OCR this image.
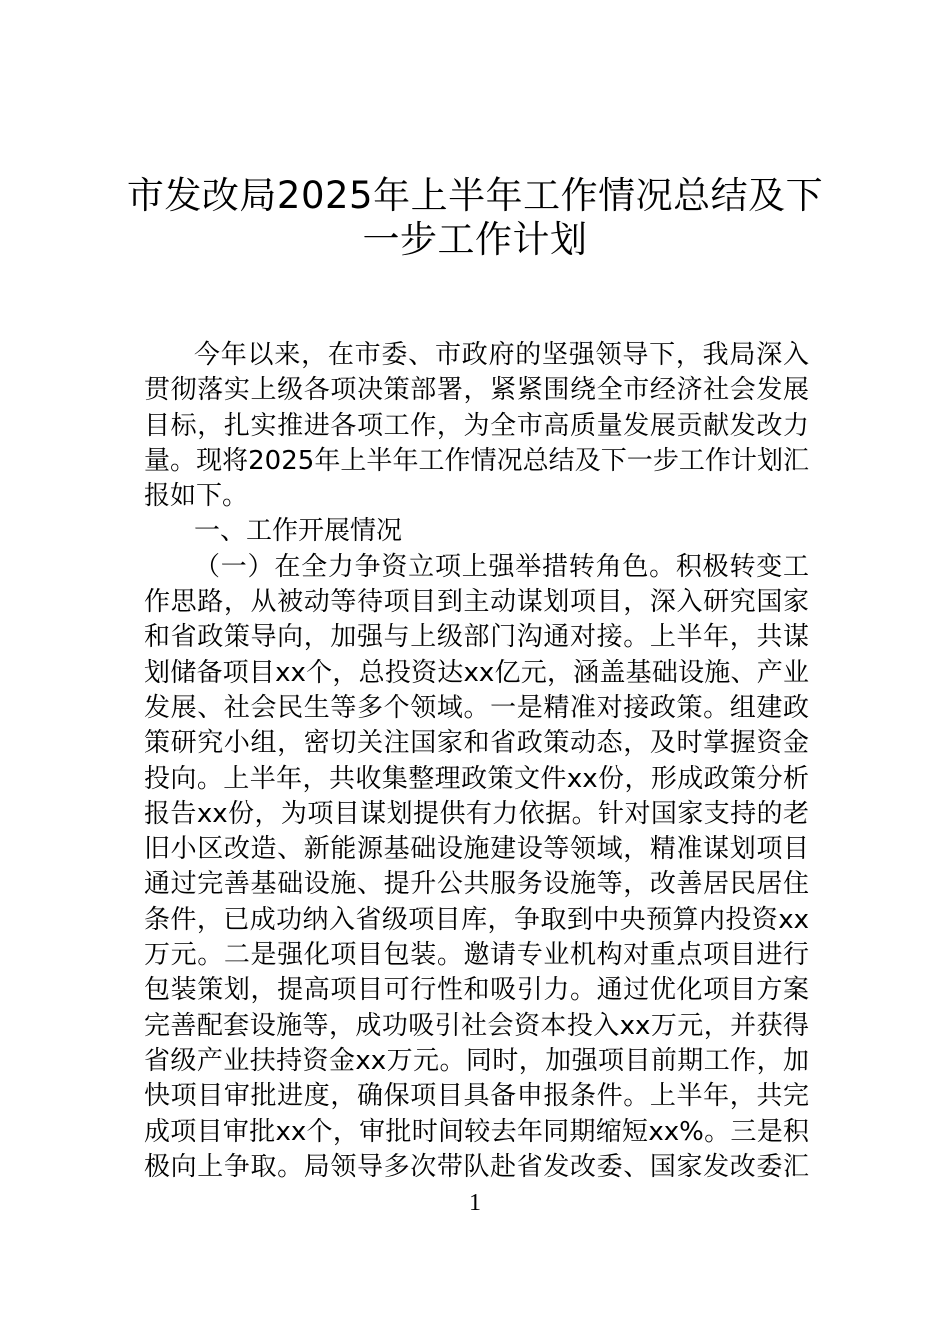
市发改局2025年上半年工作情况总结及下
一步工作计划
今年以来，在市委、市政府的坚强领导下，我局深入
贯彻落实上级各项决策部署，紧紧围绕全市经济社会发展
目标，扎实推进各项工作，为全市高质量发展贡献发改力
量。现将2025年上半年工作情况总结及下一步工作计划汇
报如下。
一、工作开展情况
（一）在全力争资立项上强举措转角色。积极转变工
作思路，从被动等待项目到主动谋划项目，深入研究国家
和省政策导向，加强与上级部门沟通对接。上半年，共谋
划储备项目xx个，总投资达xx亿元，涵盖基础设施、产业
发展、社会民生等多个领域。一是精准对接政策。组建政
策研究小组，密切关注国家和省政策动态，及时掌握资金
投向。上半年，共收集整理政策文件xx份，形成政策分析
报告xx份，为项目谋划提供有力依据。针对国家支持的老
旧小区改造、新能源基础设施建设等领域，精准谋划项目
通过完善基础设施、提升公共服务设施等，改善居民居住
条件，已成功纳入省级项目库，争取到中央预算内投资xx
万元。二是强化项目包装。邀请专业机构对重点项目进行
包装策划，提高项目可行性和吸引力。通过优化项目方案
完善配套设施等，成功吸引社会资本投入xx万元，并获得
省级产业扶持资金xx万元。同时，加强项目前期工作，加
快项目审批进度，确保项目具备申报条件。上半年，共完
成项目审批xx个，审批时间较去年同期缩短xx%。三是积
极向上争取。局领导多次带队赴省发改委、国家发改委汇
1
